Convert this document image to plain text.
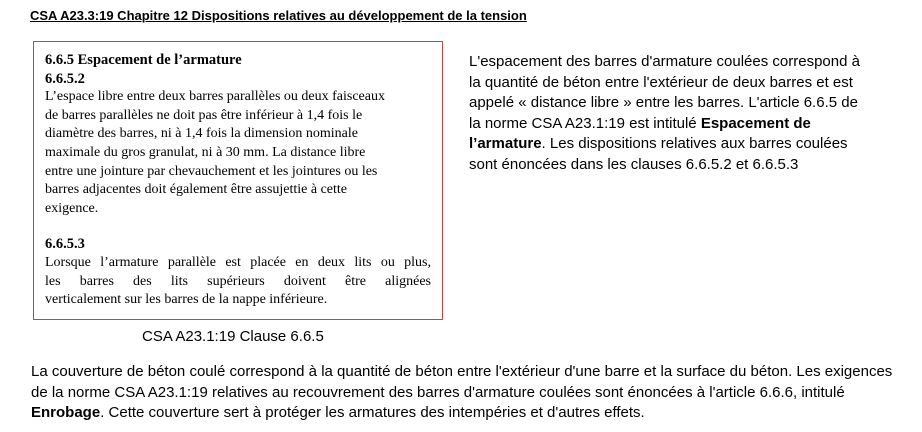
CSA A23.3:19 Chapitre 12 Dispositions relatives au développement de la tension
6.6.5 Espacement de l’armature
6.6.5.2
L’espace libre entre deux barres parallèles ou deux faisceaux
de barres parallèles ne doit pas être inférieur à 1,4 fois le
diamètre des barres, ni à 1,4 fois la dimension nominale
maximale du gros granulat, ni à 30 mm. La distance libre
entre une jointure par chevauchement et les jointures ou les
barres adjacentes doit également être assujettie à cette
exigence.
6.6.5.3
Lorsque l’armature parallèle est placée en deux lits ou plus,
les barres des lits supérieurs doivent être alignées
verticalement sur les barres de la nappe inférieure.
CSA A23.1:19 Clause 6.6.5
L'espacement des barres d'armature coulées correspond à la quantité de béton entre l'extérieur de deux barres et est appelé « distance libre » entre les barres. L'article 6.6.5 de la norme CSA A23.1:19 est intitulé Espacement de l’armature. Les dispositions relatives aux barres coulées sont énoncées dans les clauses 6.6.5.2 et 6.6.5.3
La couverture de béton coulé correspond à la quantité de béton entre l'extérieur d'une barre et la surface du béton. Les exigences de la norme CSA A23.1:19 relatives au recouvrement des barres d'armature coulées sont énoncées à l'article 6.6.6, intitulé Enrobage. Cette couverture sert à protéger les armatures des intempéries et d'autres effets.
